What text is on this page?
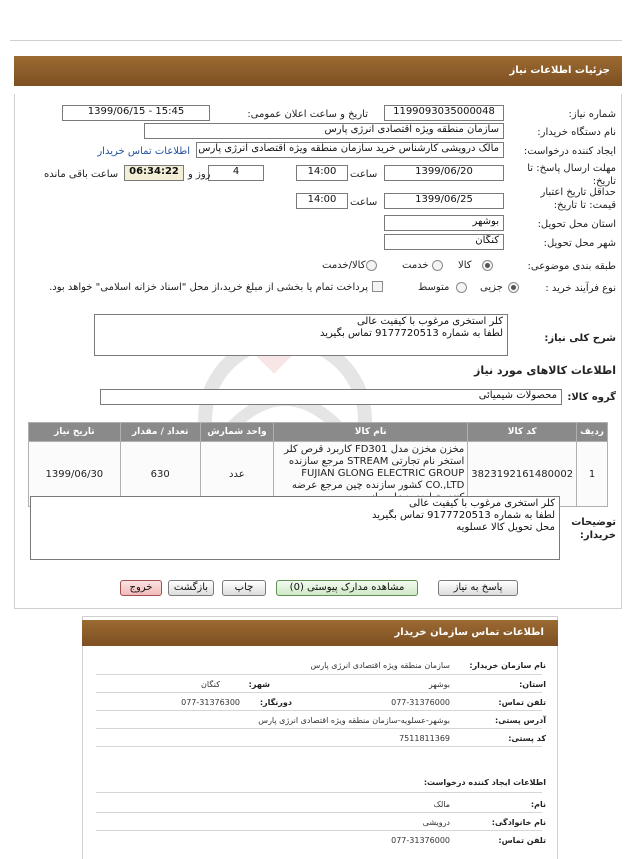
جزئیات اطلاعات نیاز
شماره نیاز:
1199093035000048
تاریخ و ساعت اعلان عمومی:
1399/06/15 - 15:45
نام دستگاه خریدار:
سازمان منطقه ویژه اقتصادی انرژی پارس
ایجاد کننده درخواست:
مالک درویشی کارشناس خرید سازمان منطقه ویژه اقتصادی انرژی پارس
اطلاعات تماس خریدار
مهلت ارسال پاسخ: تا تاریخ:
1399/06/20
ساعت
14:00
4
روز و
06:34:22
ساعت باقی مانده
حداقل تاریخ اعتبار قیمت: تا تاریخ:
1399/06/25
ساعت
14:00
استان محل تحویل:
بوشهر
شهر محل تحویل:
کنگان
طبقه بندی موضوعی:
کالا
خدمت
کالا/خدمت
نوع فرآیند خرید :
جزیی
متوسط
پرداخت تمام یا بخشی از مبلغ خرید،از محل "اسناد خزانه اسلامی" خواهد بود.
شرح کلی نیاز:
کلر استخری مرغوب با کیفیت عالی
لطفا به شماره 9177720513 تماس بگیرید
اطلاعات کالاهای مورد نیاز
گروه کالا:
محصولات شیمیائی
ردیف	کد کالا	نام کالا	واحد شمارش	تعداد / مقدار	تاریخ نیاز
1	3823192161480002	مخزن مخزن مدل FD301 کاربرد قرص کلر استخر نام تجارتی STREAM مرجع سازنده FUJIAN GLONG ELECTRIC GROUP CO.,LTD کشور سازنده چین مرجع عرضه	عدد	630	1399/06/30
توضیحات خریدار:
کلر استخری مرغوب با کیفیت عالی
لطفا به شماره 9177720513 تماس بگیرید
محل تحویل کالا عسلویه
پاسخ به نیاز
مشاهده مدارک پیوستی (0)
چاپ
بازگشت
خروج
اطلاعات تماس سازمان خریدار
نام سازمان خریدار:
سازمان منطقه ویژه اقتصادی انرژی پارس
استان:
بوشهر
شهر:
کنگان
تلفن تماس:
077-31376000
دورنگار:
077-31376300
آدرس پستی:
بوشهر-عسلویه-سازمان منطقه ویژه اقتصادی انرژی پارس
کد پستی:
7511811369
اطلاعات ایجاد کننده درخواست:
نام:
مالک
نام خانوادگی:
درویشی
تلفن تماس:
077-31376000
